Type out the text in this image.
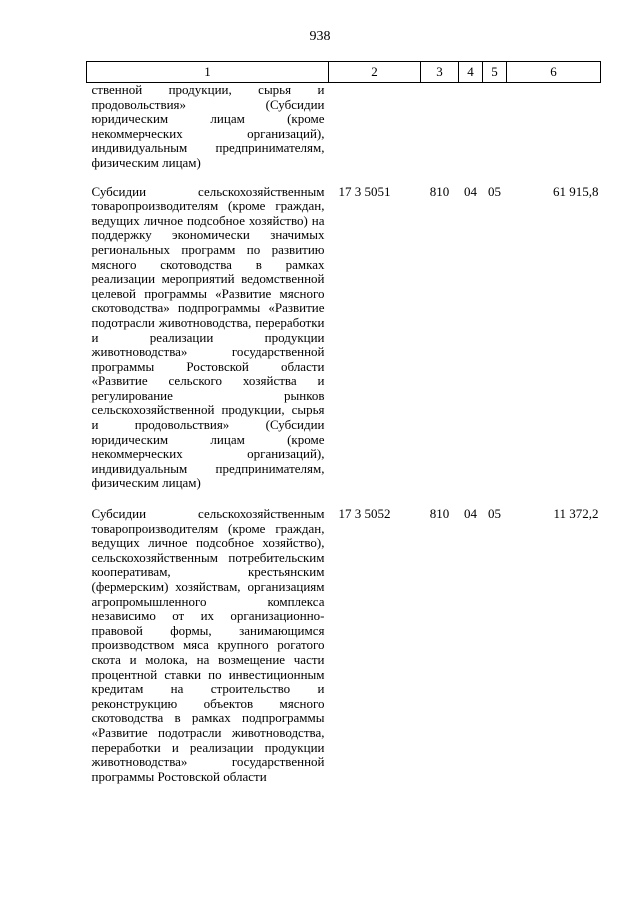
938
1	2	3	4	5	6
ственной продукции, сырья и продовольствия» (Субсидии юридическим лицам (кроме некоммерческих организаций), индивидуальным предпринимателям, физическим лицам)					
Субсидии сельскохозяйственным товаропроизводителям (кроме граждан, ведущих личное подсобное хозяйство) на поддержку экономически значимых региональных программ по развитию мясного скотоводства в рамках реализации мероприятий ведомственной целевой программы «Развитие мясного скотоводства» подпрограммы «Развитие подотрасли животноводства, переработки и реализации продукции животноводства» государственной программы Ростовской области «Развитие сельского хозяйства и регулирование рынков сельскохозяйственной продукции, сырья и продовольствия» (Субсидии юридическим лицам (кроме некоммерческих организаций), индивидуальным предпринимателям, физическим лицам)	17 3 5051	810	04	05	61 915,8
Субсидии сельскохозяйственным товаропроизводителям (кроме граждан, ведущих личное подсобное хозяйство), сельскохозяйственным потребительским кооперативам, крестьянским (фермерским) хозяйствам, организациям агропромышленного комплекса независимо от их организационно-правовой формы, занимающимся производством мяса крупного рогатого скота и молока, на возмещение части процентной ставки по инвестиционным кредитам на строительство и реконструкцию объектов мясного скотоводства в рамках подпрограммы «Развитие подотрасли животноводства, переработки и реализации продукции животноводства» государственной программы Ростовской области	17 3 5052	810	04	05	11 372,2
